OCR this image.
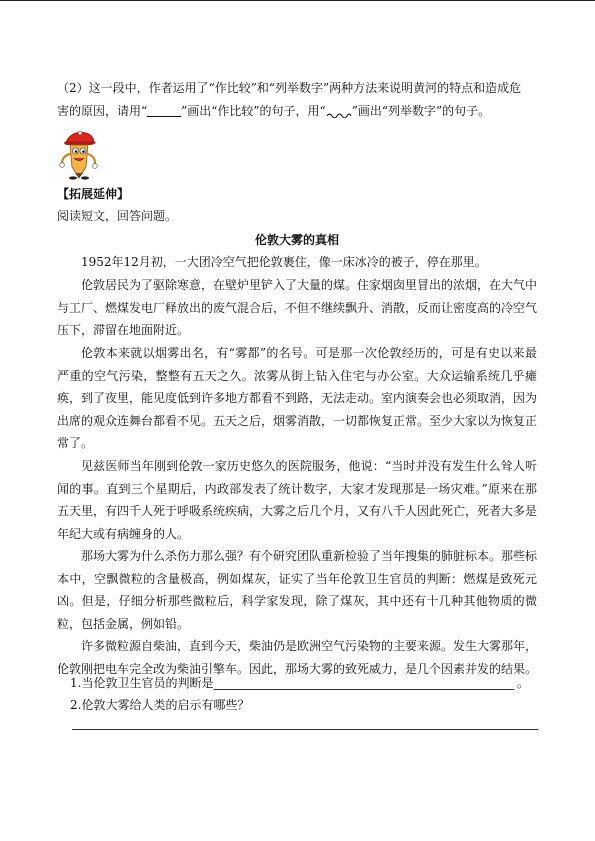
（2）这一段中，作者运用了“作比较”和“列举数字”两种方法来说明黄河的特点和造成危
害的原因，请用“	”画出“作比较”的句子，用“ ”画出“列举数字”的句子。
【拓展延伸】
阅读短文，回答问题。
伦敦大雾的真相
1952年12月初，一大团冷空气把伦敦裹住，像一床冰冷的被子，停在那里。
伦敦居民为了驱除寒意，在壁炉里铲入了大量的煤。住家烟囱里冒出的浓烟，在大气中与工厂、燃煤发电厂释放出的废气混合后，不但不继续飘升、消散，反而让密度高的冷空气压下，滞留在地面附近。
伦敦本来就以烟雾出名，有“雾都”的名号。可是那一次伦敦经历的，可是有史以来最严重的空气污染，整整有五天之久。浓雾从街上钻入住宅与办公室。大众运输系统几乎瘫痪，到了夜里，能见度低到许多地方都看不到路，无法走动。室内演奏会也必须取消，因为出席的观众连舞台都看不见。五天之后，烟雾消散，一切都恢复正常。至少大家以为恢复正常了。
见兹医师当年刚到伦敦一家历史悠久的医院服务，他说：“当时并没有发生什么耸人听闻的事。直到三个星期后，内政部发表了统计数字，大家才发现那是一场灾难。”原来在那五天里，有四千人死于呼吸系统疾病，大雾之后几个月，又有八千人因此死亡，死者大多是年纪大或有病缠身的人。
那场大雾为什么杀伤力那么强？有个研究团队重新检验了当年搜集的肺脏标本。那些标本中，空飘微粒的含量极高，例如煤灰，证实了当年伦敦卫生官员的判断：燃煤是致死元凶。但是，仔细分析那些微粒后，科学家发现，除了煤灰，其中还有十几种其他物质的微粒，包括金属，例如铅。
许多微粒源自柴油，直到今天，柴油仍是欧洲空气污染物的主要来源。发生大雾那年，伦敦刚把电车完全改为柴油引擎车。因此，那场大雾的致死威力，是几个因素并发的结果。
1.当伦敦卫生官员的判断是	。
2.伦敦大雾给人类的启示有哪些？
